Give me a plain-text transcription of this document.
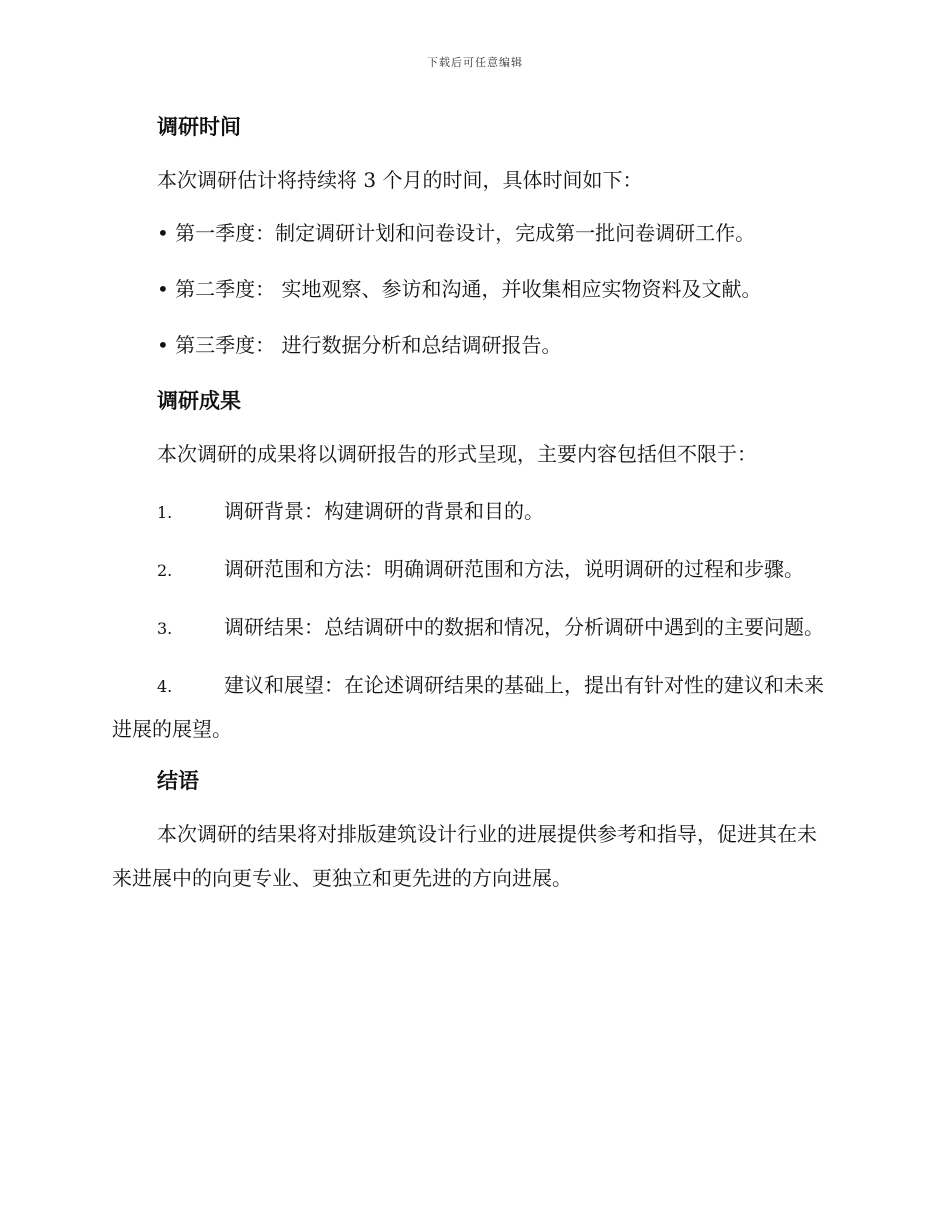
下载后可任意编辑
调研时间

本次调研估计将持续将 3 个月的时间，具体时间如下：

• 第一季度：制定调研计划和问卷设计，完成第一批问卷调研工作。

• 第二季度： 实地观察、参访和沟通，并收集相应实物资料及文献。

• 第三季度： 进行数据分析和总结调研报告。

调研成果

本次调研的成果将以调研报告的形式呈现，主要内容包括但不限于：

1.	调研背景：构建调研的背景和目的。

2.	调研范围和方法：明确调研范围和方法，说明调研的过程和步骤。

3.	调研结果：总结调研中的数据和情况，分析调研中遇到的主要问题。

4.	建议和展望：在论述调研结果的基础上，提出有针对性的建议和未来进展的展望。

结语

本次调研的结果将对排版建筑设计行业的进展提供参考和指导，促进其在未来进展中的向更专业、更独立和更先进的方向进展。
